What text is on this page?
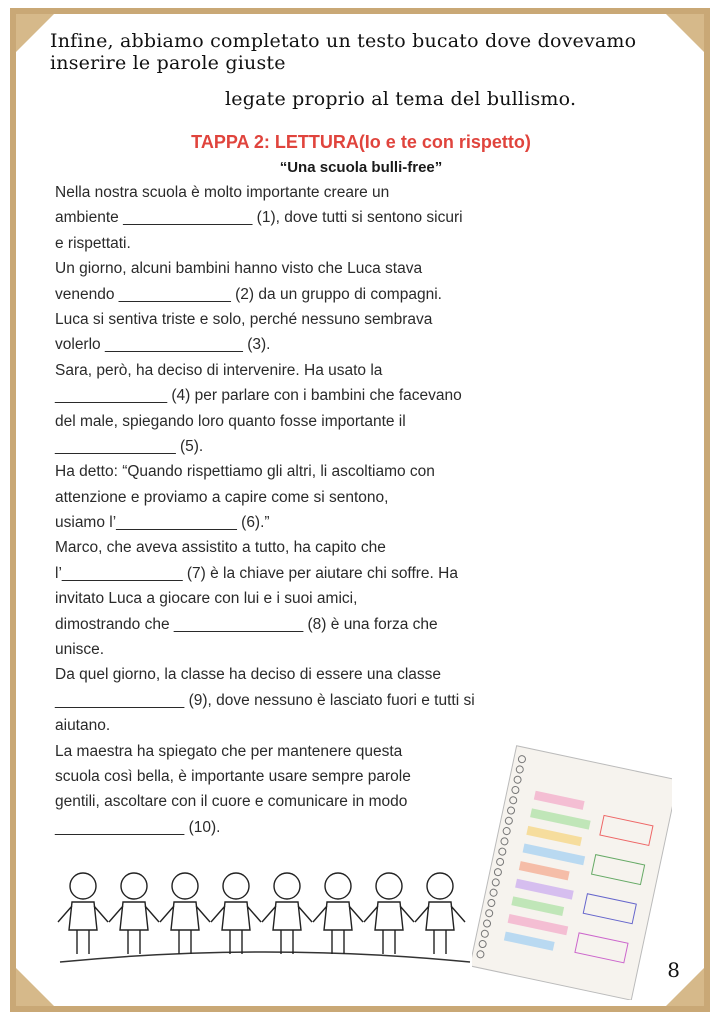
Infine, abbiamo completato un testo bucato dove dovevamo inserire le parole giuste
legate proprio al tema del bullismo.
TAPPA 2: LETTURA(Io e te con rispetto)
“Una scuola bulli-free”
Nella nostra scuola è molto importante creare un
ambiente _______________ (1), dove tutti si sentono sicuri
e rispettati.
Un giorno, alcuni bambini hanno visto che Luca stava
venendo _____________ (2) da un gruppo di compagni.
Luca si sentiva triste e solo, perché nessuno sembrava
volerlo ________________ (3).
Sara, però, ha deciso di intervenire. Ha usato la
_____________ (4) per parlare con i bambini che facevano
del male, spiegando loro quanto fosse importante il
______________ (5).
Ha detto: “Quando rispettiamo gli altri, li ascoltiamo con
attenzione e proviamo a capire come si sentono,
usiamo l’______________ (6).”
Marco, che aveva assistito a tutto, ha capito che
l’______________ (7) è la chiave per aiutare chi soffre. Ha
invitato Luca a giocare con lui e i suoi amici,
dimostrando che _______________ (8) è una forza che
unisce.
Da quel giorno, la classe ha deciso di essere una classe
_______________ (9), dove nessuno è lasciato fuori e tutti si
aiutano.
La maestra ha spiegato che per mantenere questa
scuola così bella, è importante usare sempre parole
gentili, ascoltare con il cuore e comunicare in modo
_______________ (10).
8
